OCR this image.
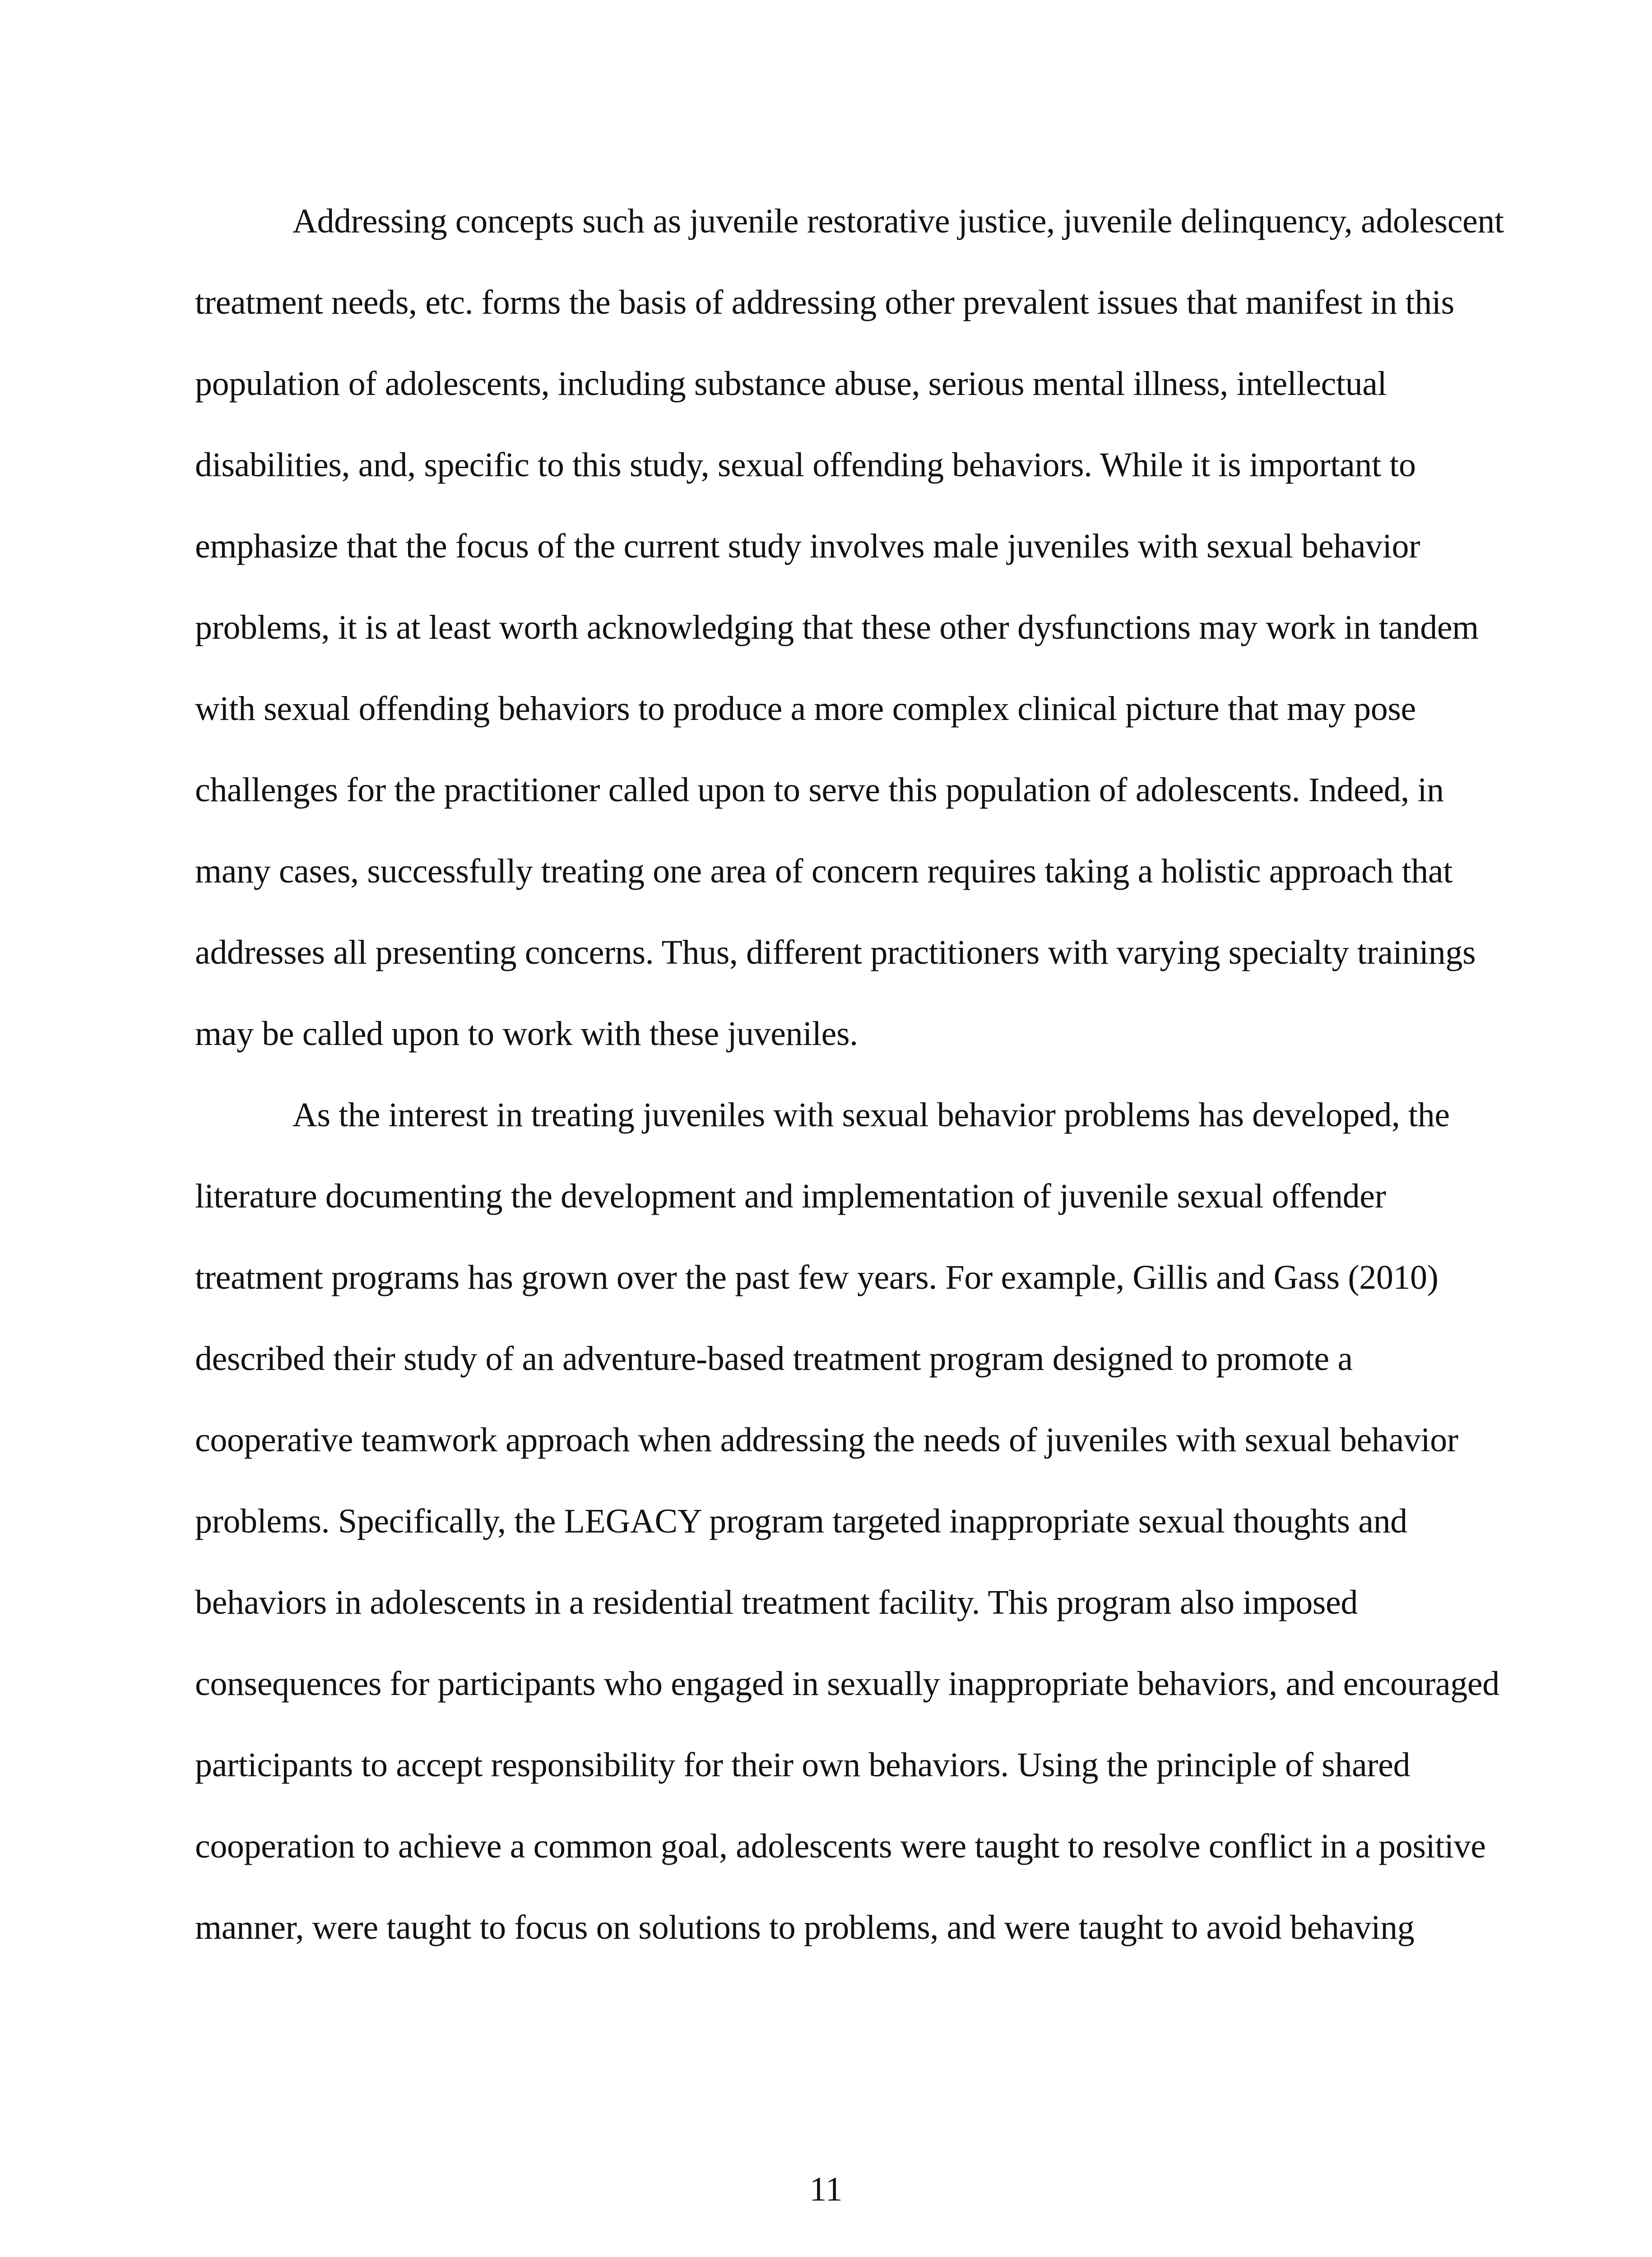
Addressing concepts such as juvenile restorative justice, juvenile delinquency, adolescent
treatment needs, etc. forms the basis of addressing other prevalent issues that manifest in this
population of adolescents, including substance abuse, serious mental illness, intellectual
disabilities, and, specific to this study, sexual offending behaviors. While it is important to
emphasize that the focus of the current study involves male juveniles with sexual behavior
problems, it is at least worth acknowledging that these other dysfunctions may work in tandem
with sexual offending behaviors to produce a more complex clinical picture that may pose
challenges for the practitioner called upon to serve this population of adolescents. Indeed, in
many cases, successfully treating one area of concern requires taking a holistic approach that
addresses all presenting concerns. Thus, different practitioners with varying specialty trainings
may be called upon to work with these juveniles.
As the interest in treating juveniles with sexual behavior problems has developed, the
literature documenting the development and implementation of juvenile sexual offender
treatment programs has grown over the past few years. For example, Gillis and Gass (2010)
described their study of an adventure-based treatment program designed to promote a
cooperative teamwork approach when addressing the needs of juveniles with sexual behavior
problems. Specifically, the LEGACY program targeted inappropriate sexual thoughts and
behaviors in adolescents in a residential treatment facility. This program also imposed
consequences for participants who engaged in sexually inappropriate behaviors, and encouraged
participants to accept responsibility for their own behaviors. Using the principle of shared
cooperation to achieve a common goal, adolescents were taught to resolve conflict in a positive
manner, were taught to focus on solutions to problems, and were taught to avoid behaving
11
